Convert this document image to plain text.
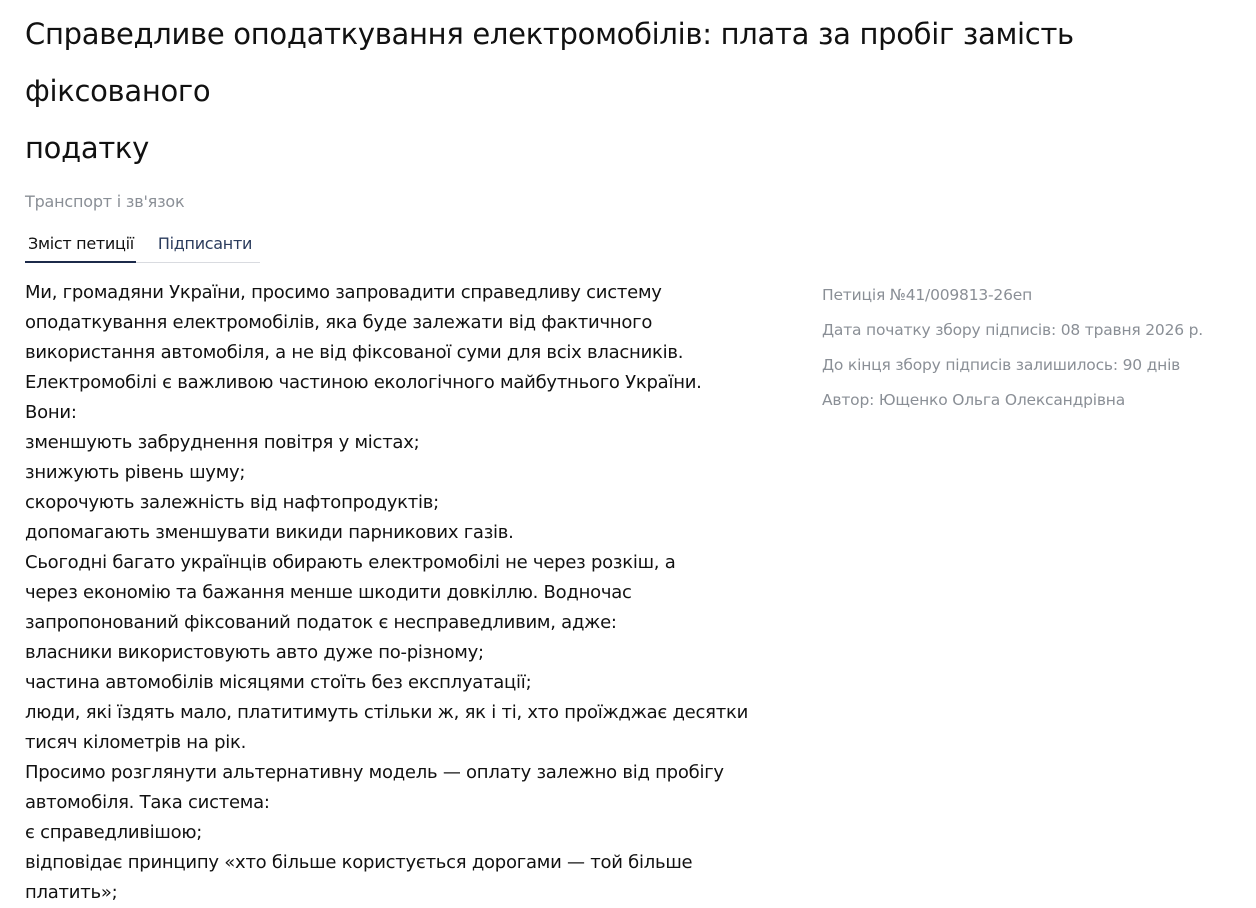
Справедливе оподаткування електромобілів: плата за пробіг замість фіксованого
податку
Транспорт і зв'язок
Зміст петиції Підписанти
Ми, громадяни України, просимо запровадити справедливу систему
оподаткування електромобілів, яка буде залежати від фактичного
використання автомобіля, а не від фіксованої суми для всіх власників.
Електромобілі є важливою частиною екологічного майбутнього України.
Вони:
зменшують забруднення повітря у містах;
знижують рівень шуму;
скорочують залежність від нафтопродуктів;
допомагають зменшувати викиди парникових газів.
Сьогодні багато українців обирають електромобілі не через розкіш, а
через економію та бажання менше шкодити довкіллю. Водночас
запропонований фіксований податок є несправедливим, адже:
власники використовують авто дуже по-різному;
частина автомобілів місяцями стоїть без експлуатації;
люди, які їздять мало, платитимуть стільки ж, як і ті, хто проїжджає десятки
тисяч кілометрів на рік.
Просимо розглянути альтернативну модель — оплату залежно від пробігу
автомобіля. Така система:
є справедливішою;
відповідає принципу «хто більше користується дорогами — той більше
платить»;
Петиція №41/009813-26еп
Дата початку збору підписів: 08 травня 2026 р.
До кінця збору підписів залишилось: 90 днів
Автор: Ющенко Ольга Олександрівна
